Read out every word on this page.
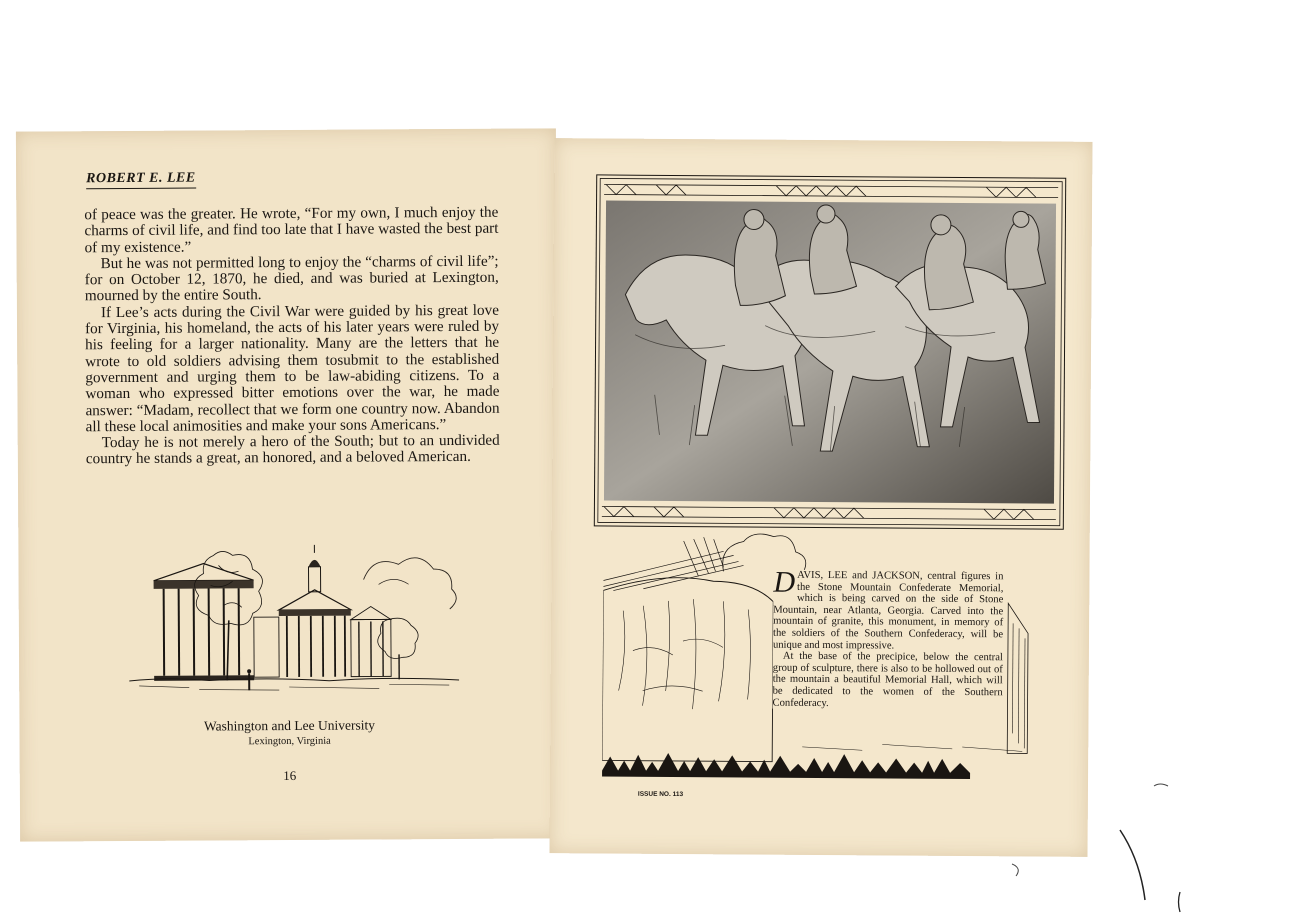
ROBERT E. LEE

of peace was the greater. He wrote, “For my own, I much enjoy the charms of civil life, and find too late that I have wasted the best part of my existence.”

But he was not permitted long to enjoy the “charms of civil life”; for on October 12, 1870, he died, and was buried at Lexington, mourned by the entire South.

If Lee’s acts during the Civil War were guided by his great love for Virginia, his homeland, the acts of his later years were ruled by his feeling for a larger nationality. Many are the letters that he wrote to old soldiers advising them tosubmit to the established government and urging them to be law-abiding citizens. To a woman who expressed bitter emotions over the war, he made answer: “Madam, recollect that we form one country now. Abandon all these local animosities and make your sons Americans.”

Today he is not merely a hero of the South; but to an undivided country he stands a great, an honored, and a beloved American.

Washington and Lee University
Lexington, Virginia
16

DAVIS, LEE and JACKSON, central figures in the Stone Mountain Confederate Memorial, which is being carved on the side of Stone Mountain, near Atlanta, Georgia. Carved into the mountain of granite, this monument, in memory of the soldiers of the Southern Confederacy, will be unique and most impressive.

At the base of the precipice, below the central group of sculpture, there is also to be hollowed out of the mountain a beautiful Memorial Hall, which will be dedicated to the women of the Southern Confederacy.

ISSUE NO. 113
